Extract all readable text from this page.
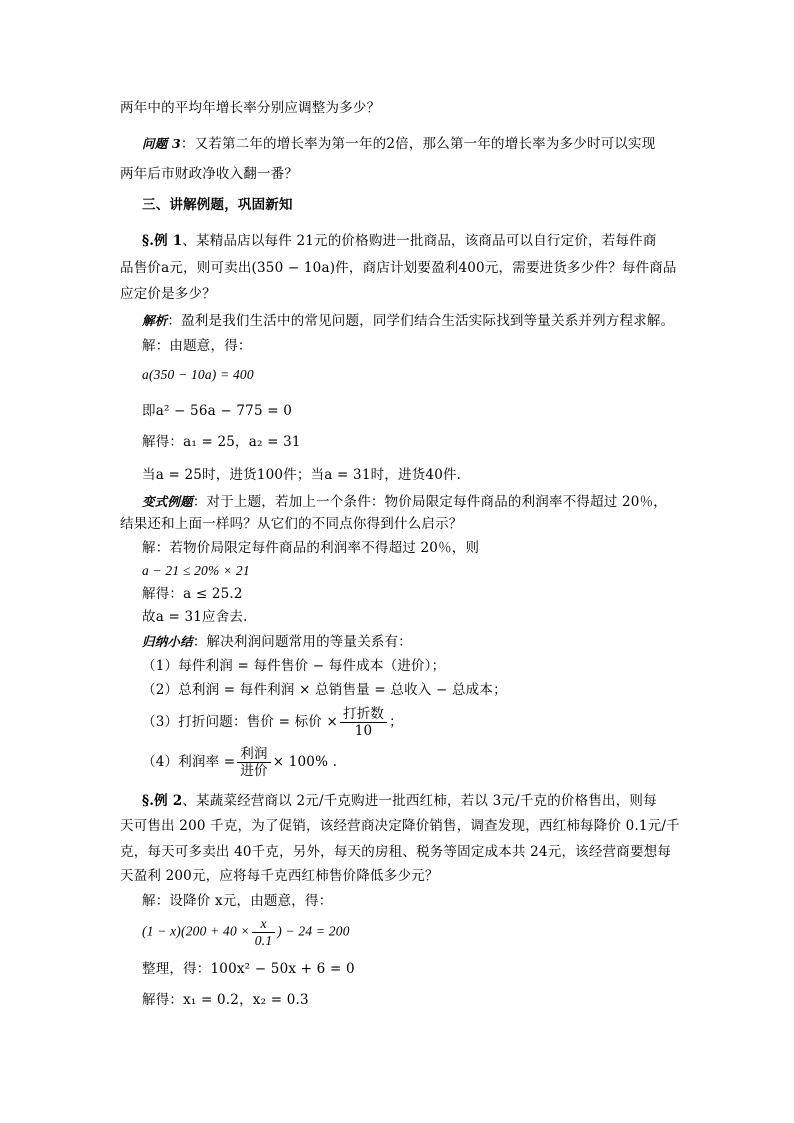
两年中的平均年增长率分别应调整为多少？
问题 3：又若第二年的增长率为第一年的2倍，那么第一年的增长率为多少时可以实现
两年后市财政净收入翻一番？
三、讲解例题，巩固新知
§.例 1、某精品店以每件 21元的价格购进一批商品，该商品可以自行定价，若每件商
品售价a元，则可卖出(350 − 10a)件，商店计划要盈利400元，需要进货多少件？每件商品
应定价是多少？
解析：盈利是我们生活中的常见问题，同学们结合生活实际找到等量关系并列方程求解。
解：由题意，得：
a(350 − 10a) = 400
即a² − 56a − 775 = 0
解得：a₁ = 25，a₂ = 31
当a = 25时，进货100件；当a = 31时，进货40件.
变式例题：对于上题，若加上一个条件：物价局限定每件商品的利润率不得超过 20％，
结果还和上面一样吗？从它们的不同点你得到什么启示？
解：若物价局限定每件商品的利润率不得超过 20％，则
a − 21 ≤ 20% × 21
解得：a ≤ 25.2
故a = 31应舍去.
归纳小结：解决利润问题常用的等量关系有：
（1）每件利润 = 每件售价 − 每件成本（进价）；
（2）总利润 = 每件利润 × 总销售量 = 总收入 − 总成本；
（3）打折问题：售价 = 标价 × $\frac{\text{打折数}}{10}$ ；
（4）利润率 = $\frac{\text{利润}}{\text{进价}} \times 100\%$ .
§.例 2、某蔬菜经营商以 2元/千克购进一批西红柿，若以 3元/千克的价格售出，则每
天可售出 200 千克，为了促销，该经营商决定降价销售，调查发现，西红柿每降价 0.1元/千
克，每天可多卖出 40千克，另外，每天的房租、税务等固定成本共 24元，该经营商要想每
天盈利 200元，应将每千克西红柿售价降低多少元？
解：设降价 x元，由题意，得：
$(1 - x)(200 + 40 \times \frac{x}{0.1}$ ) − 24 = 200
整理，得：100x² − 50x + 6 = 0
解得：x₁ = 0.2，x₂ = 0.3
